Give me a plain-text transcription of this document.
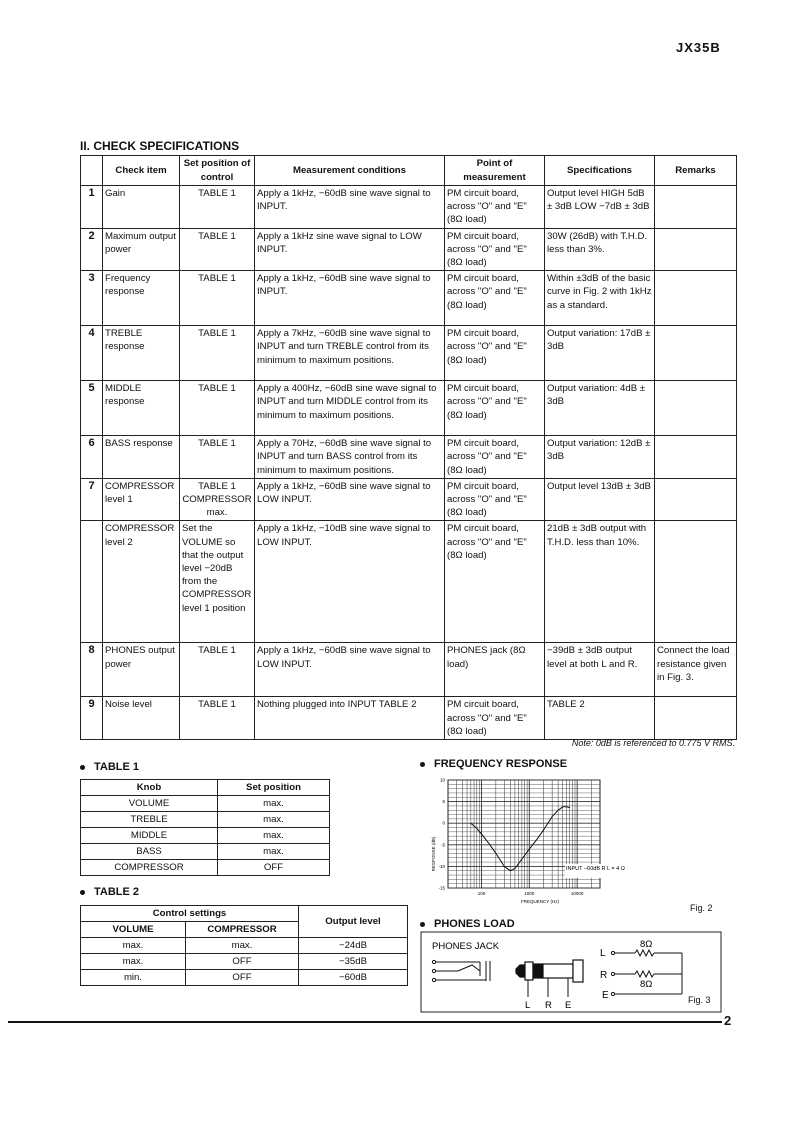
JX35B
II. CHECK SPECIFICATIONS
	Check item	Set position of control	Measurement conditions	Point of measurement	Specifications	Remarks
1	Gain	TABLE 1	Apply a 1kHz, −60dB sine wave signal to INPUT.	PM circuit board, across "O" and "E" (8Ω load)	Output level HIGH 5dB ± 3dB LOW −7dB ± 3dB	
2	Maximum output power	TABLE 1	Apply a 1kHz sine wave signal to LOW INPUT.	PM circuit board, across "O" and "E" (8Ω load)	30W (26dB) with T.H.D. less than 3%.	
3	Frequency response	TABLE 1	Apply a 1kHz, −60dB sine wave signal to INPUT.	PM circuit board, across "O" and "E" (8Ω load)	Within ±3dB of the basic curve in Fig. 2 with 1kHz as a standard.	
4	TREBLE response	TABLE 1	Apply a 7kHz, −60dB sine wave signal to INPUT and turn TREBLE control from its minimum to maximum positions.	PM circuit board, across "O" and "E" (8Ω load)	Output variation: 17dB ± 3dB	
5	MIDDLE response	TABLE 1	Apply a 400Hz, −60dB sine wave signal to INPUT and turn MIDDLE control from its minimum to maximum positions.	PM circuit board, across "O" and "E" (8Ω load)	Output variation: 4dB ± 3dB	
6	BASS response	TABLE 1	Apply a 70Hz, −60dB sine wave signal to INPUT and turn BASS control from its minimum to maximum positions.	PM circuit board, across "O" and "E" (8Ω load)	Output variation: 12dB ± 3dB	
7	COMPRESSOR level 1	TABLE 1 COMPRESSOR max.	Apply a 1kHz, −60dB sine wave signal to LOW INPUT.	PM circuit board, across "O" and "E" (8Ω load)	Output level 13dB ± 3dB	
	COMPRESSOR level 2	Set the VOLUME so that the output level −20dB from the COMPRESSOR level 1 position	Apply a 1kHz, −10dB sine wave signal to LOW INPUT.	PM circuit board, across "O" and "E" (8Ω load)	21dB ± 3dB output with T.H.D. less than 10%.	
8	PHONES output power	TABLE 1	Apply a 1kHz, −60dB sine wave signal to LOW INPUT.	PHONES jack (8Ω load)	−39dB ± 3dB output level at both L and R.	Connect the load resistance given in Fig. 3.
9	Noise level	TABLE 1	Nothing plugged into INPUT TABLE 2	PM circuit board, across "O" and "E" (8Ω load)	TABLE 2	
Note: 0dB is referenced to 0.775 V RMS.
TABLE 1
Knob	Set position
VOLUME	max.
TREBLE	max.
MIDDLE	max.
BASS	max.
COMPRESSOR	OFF
TABLE 2
Control settings		Output level
VOLUME	COMPRESSOR	
max.	max.	−24dB
max.	OFF	−35dB
min.	OFF	−60dB
FREQUENCY RESPONSE
10
5
0
-5
-10
-15
100	1000	10000
RESPONSE (dB)
FREQUENCY (Hz)
INPUT −60dB R L = 4 Ω
Fig. 2
PHONES LOAD
PHONES JACK
L R E
L
R
E
8Ω
8Ω
Fig. 3
2
